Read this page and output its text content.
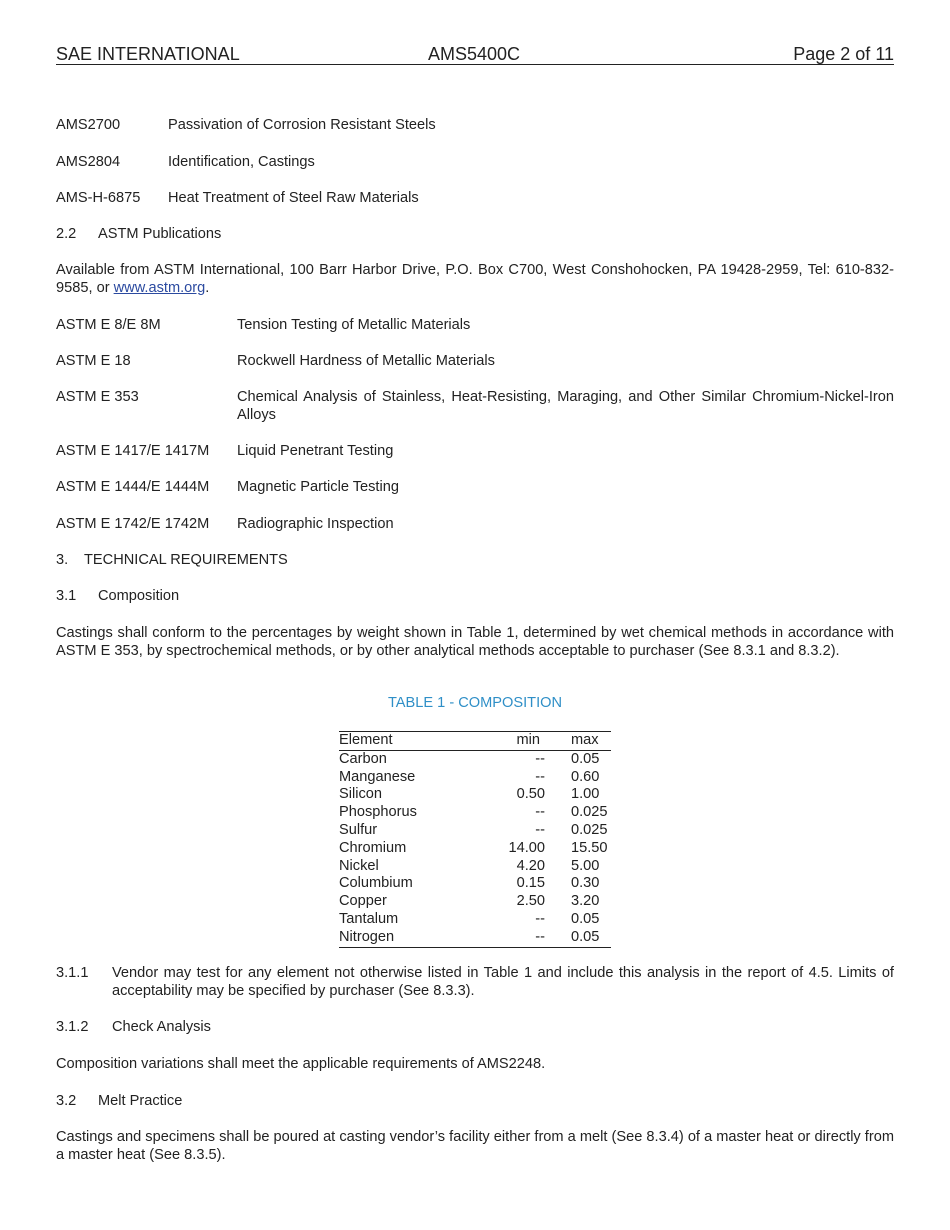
SAE INTERNATIONAL	AMS5400C	Page 2 of 11
AMS2700	Passivation of Corrosion Resistant Steels
AMS2804	Identification, Castings
AMS-H-6875 Heat Treatment of Steel Raw Materials
2.2 ASTM Publications
Available from ASTM International, 100 Barr Harbor Drive, P.O. Box C700, West Conshohocken, PA 19428-2959, Tel: 610-832-9585, or www.astm.org.
ASTM E 8/E 8M	Tension Testing of Metallic Materials
ASTM E 18	Rockwell Hardness of Metallic Materials
ASTM E 353	Chemical Analysis of Stainless, Heat-Resisting, Maraging, and Other Similar Chromium-Nickel-Iron Alloys
ASTM E 1417/E 1417M Liquid Penetrant Testing
ASTM E 1444/E 1444M Magnetic Particle Testing
ASTM E 1742/E 1742M Radiographic Inspection
3. TECHNICAL REQUIREMENTS
3.1 Composition
Castings shall conform to the percentages by weight shown in Table 1, determined by wet chemical methods in accordance with ASTM E 353, by spectrochemical methods, or by other analytical methods acceptable to purchaser (See 8.3.1 and 8.3.2).
TABLE 1 - COMPOSITION
Element	min max
Carbon	-- 0.05
Manganese	-- 0.60
Silicon	0.50 1.00
Phosphorus	-- 0.025
Sulfur	-- 0.025
Chromium	14.00 15.50
Nickel	4.20 5.00
Columbium	0.15 0.30
Copper	2.50 3.20
Tantalum	-- 0.05
Nitrogen	-- 0.05
3.1.1 Vendor may test for any element not otherwise listed in Table 1 and include this analysis in the report of 4.5. Limits of acceptability may be specified by purchaser (See 8.3.3).
3.1.2 Check Analysis
Composition variations shall meet the applicable requirements of AMS2248.
3.2 Melt Practice
Castings and specimens shall be poured at casting vendor’s facility either from a melt (See 8.3.4) of a master heat or directly from a master heat (See 8.3.5).
